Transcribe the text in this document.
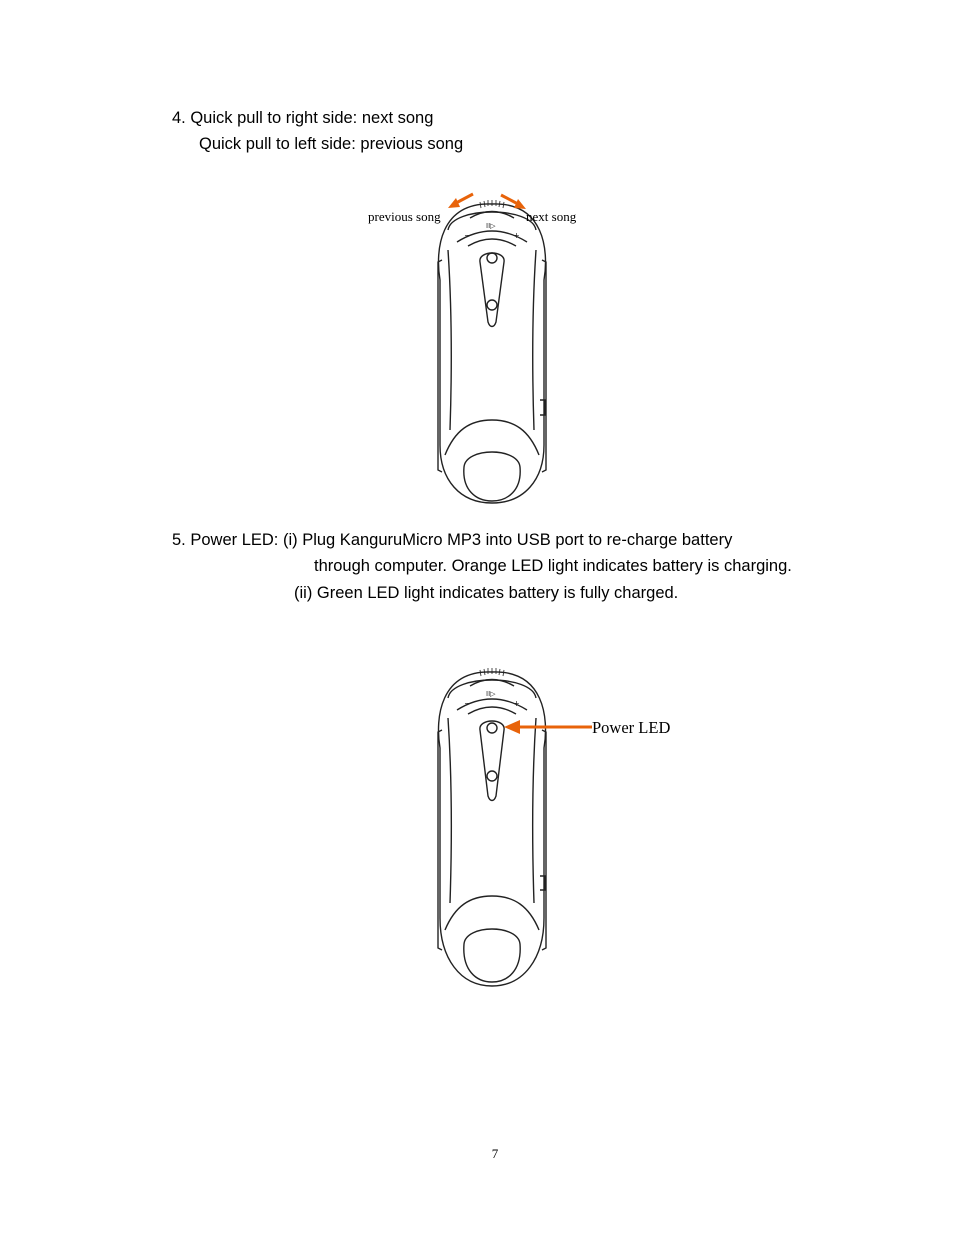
4. Quick pull to right side: next song
Quick pull to left side: previous song
II▷
−	+
previous song	next song
5. Power LED: (i) Plug KanguruMicro MP3 into USB port to re-charge battery
through computer. Orange LED light indicates battery is charging.
(ii) Green LED light indicates battery is fully charged.
II▷
−	+
Power LED
7
